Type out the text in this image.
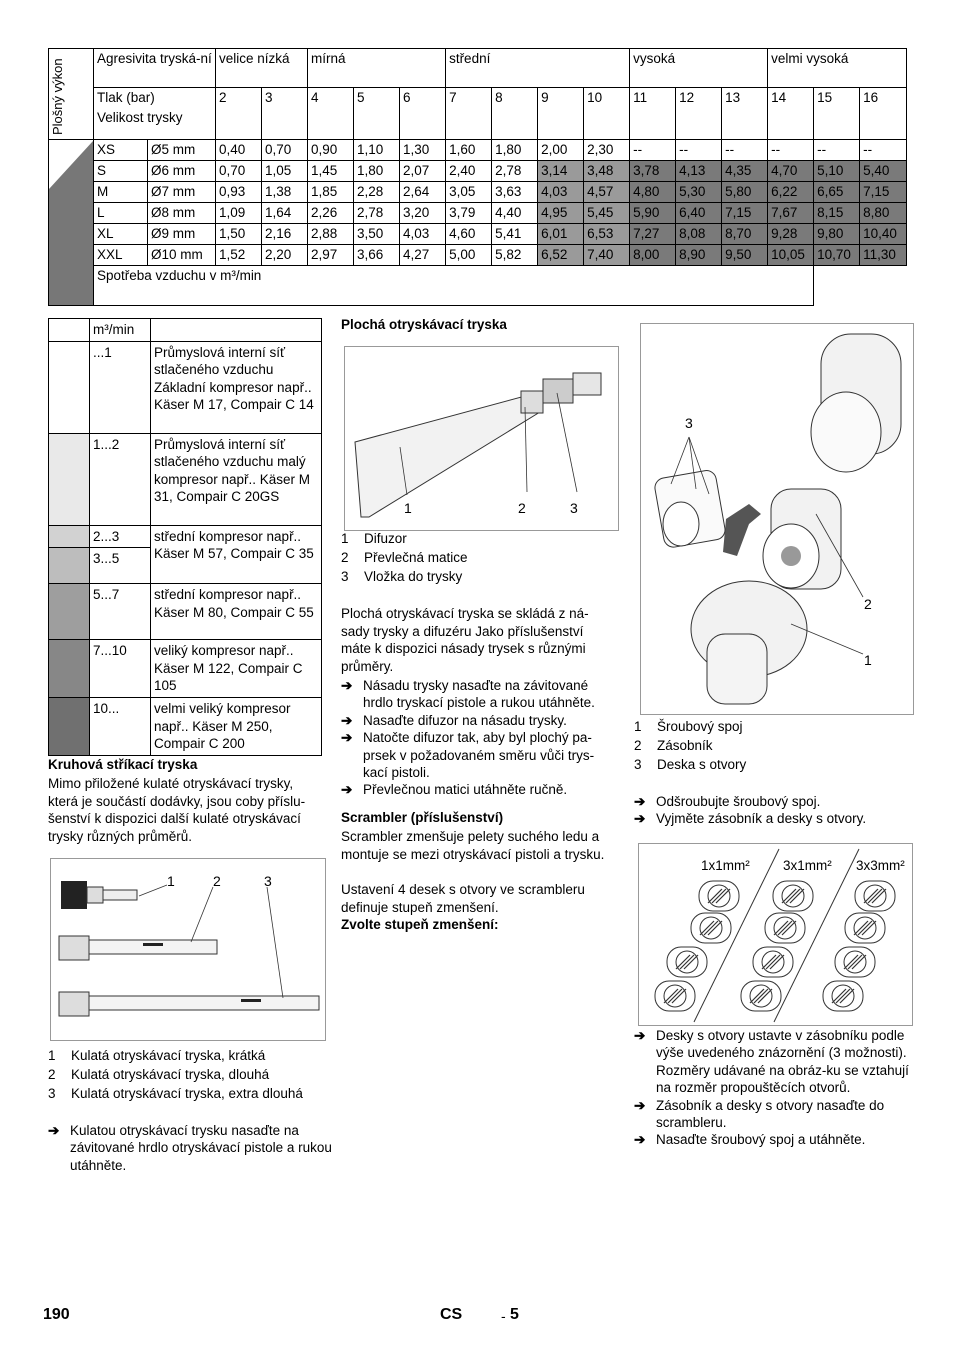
Plošný výkon	Agresivita tryská-ní		velice nízká		mírná			střední				vysoká			velmi vysoká		
	Tlak (bar)		2	3	4	5	6	7	8	9	10	11	12	13	14	15	16
	Velikost trysky																
	XS	Ø5 mm	0,40	0,70	0,90	1,10	1,30	1,60	1,80	2,00	2,30	--	--	--	--	--	--
	S	Ø6 mm	0,70	1,05	1,45	1,80	2,07	2,40	2,78	3,14	3,48	3,78	4,13	4,35	4,70	5,10	5,40
	M	Ø7 mm	0,93	1,38	1,85	2,28	2,64	3,05	3,63	4,03	4,57	4,80	5,30	5,80	6,22	6,65	7,15
	L	Ø8 mm	1,09	1,64	2,26	2,78	3,20	3,79	4,40	4,95	5,45	5,90	6,40	7,15	7,67	8,15	8,80
	XL	Ø9 mm	1,50	2,16	2,88	3,50	4,03	4,60	5,41	6,01	6,53	7,27	8,08	8,70	9,28	9,80	10,40
	XXL	Ø10 mm	1,52	2,20	2,97	3,66	4,27	5,00	5,82	6,52	7,40	8,00	8,90	9,50	10,05	10,70	11,30
	Spotřeba vzduchu v m³/min																
	m³/min	
	...1	Průmyslová interní síť stlačeného vzduchu Základní kompresor např.. Käser M 17, Compair C 14
	1...2	Průmyslová interní síť stlačeného vzduchu malý kompresor např.. Käser M 31, Compair C 20GS
	2...3	střední kompresor např.. Käser M 57, Compair C 35
	3...5	
	5...7	střední kompresor např.. Käser M 80, Compair C 55
	7...10	veliký kompresor např.. Käser M 122, Compair C 105
	10...	velmi veliký kompresor např.. Käser M 250, Compair C 200
Kruhová stříkací tryska
Mimo přiložené kulaté otryskávací trysky, která je součástí dodávky, jsou coby příslu-šenství k dispozici další kulaté otryskávací trysky různých průměrů.
1	2	3
1 Kulatá otryskávací tryska, krátká
2 Kulatá otryskávací tryska, dlouhá
3 Kulatá otryskávací tryska, extra dlouhá
➔ Kulatou otryskávací trysku nasaďte na závitované hrdlo otryskávací pistole a rukou utáhněte.
Plochá otryskávací tryska
1	2	3
1 Difuzor
2 Převlečná matice
3 Vložka do trysky
Plochá otryskávací tryska se skládá z ná-sady trysky a difuzéru Jako příslušenství máte k dispozici násady trysek s různými průměry.
➔ Násadu trysky nasaďte na závitované hrdlo tryskací pistole a rukou utáhněte.
➔ Nasaďte difuzor na násadu trysky.
➔ Natočte difuzor tak, aby byl plochý pa-prsek v požadovaném směru vůči trys-kací pistoli.
➔ Převlečnou matici utáhněte ručně.
Scrambler (příslušenství)
Scrambler zmenšuje pelety suchého ledu a montuje se mezi otryskávací pistoli a trysku.
Ustavení 4 desek s otvory ve scrambleru definuje stupeň zmenšení.
Zvolte stupeň zmenšení:
3
2
1
1 Šroubový spoj
2 Zásobník
3 Deska s otvory
➔ Odšroubujte šroubový spoj.
➔ Vyjměte zásobník a desky s otvory.
1x1mm² 3x1mm² 3x3mm²
➔ Desky s otvory ustavte v zásobníku podle výše uvedeného znázornění (3 možnosti). Rozměry udávané na obráz-ku se vztahují na rozměr propouštěcích otvorů.
➔ Zásobník a desky s otvory nasaďte do scrambleru.
➔ Nasaďte šroubový spoj a utáhněte.
190	CS	- 5
